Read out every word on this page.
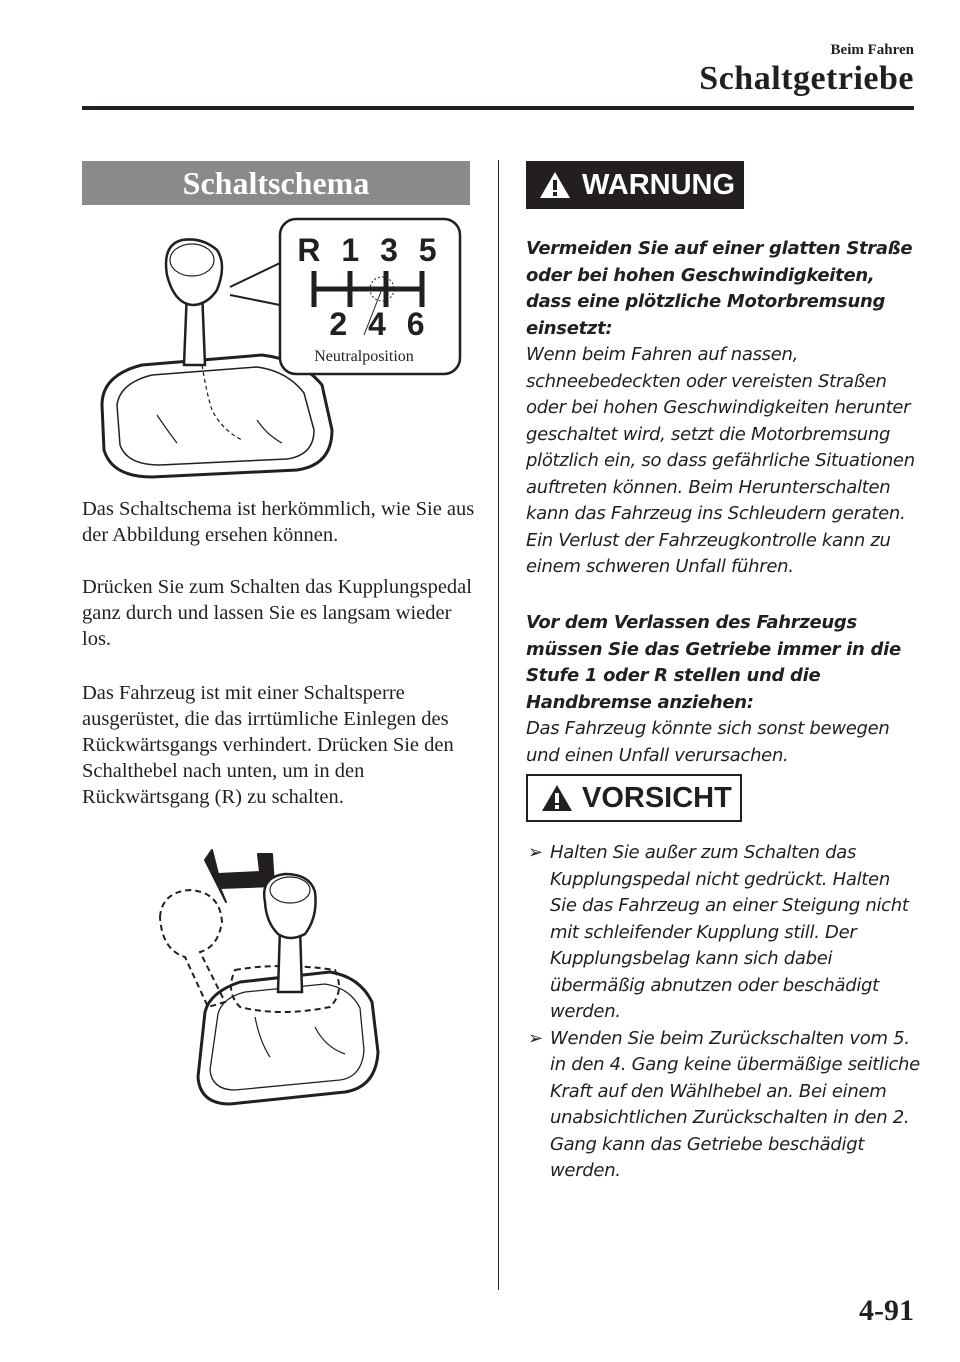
Beim Fahren
Schaltgetriebe
Schaltschema
R 1 3 5
2 4 6
Neutralposition

Das Schaltschema ist herkömmlich, wie Sie aus der Abbildung ersehen können.

Drücken Sie zum Schalten das Kupplungspedal ganz durch und lassen Sie es langsam wieder los.

Das Fahrzeug ist mit einer Schaltsperre ausgerüstet, die das irrtümliche Einlegen des Rückwärtsgangs verhindert. Drücken Sie den Schalthebel nach unten, um in den Rückwärtsgang (R) zu schalten.

WARNUNG

Vermeiden Sie auf einer glatten Straße oder bei hohen Geschwindigkeiten, dass eine plötzliche Motorbremsung einsetzt:

Wenn beim Fahren auf nassen, schneebedeckten oder vereisten Straßen oder bei hohen Geschwindigkeiten herunter geschaltet wird, setzt die Motorbremsung plötzlich ein, so dass gefährliche Situationen auftreten können. Beim Herunterschalten kann das Fahrzeug ins Schleudern geraten. Ein Verlust der Fahrzeugkontrolle kann zu einem schweren Unfall führen.

Vor dem Verlassen des Fahrzeugs müssen Sie das Getriebe immer in die Stufe 1 oder R stellen und die Handbremse anziehen:

Das Fahrzeug könnte sich sonst bewegen und einen Unfall verursachen.

VORSICHT
➢ Halten Sie außer zum Schalten das Kupplungspedal nicht gedrückt. Halten Sie das Fahrzeug an einer Steigung nicht mit schleifender Kupplung still. Der Kupplungsbelag kann sich dabei übermäßig abnutzen oder beschädigt werden.
➢ Wenden Sie beim Zurückschalten vom 5. in den 4. Gang keine übermäßige seitliche Kraft auf den Wählhebel an. Bei einem unabsichtlichen Zurückschalten in den 2. Gang kann das Getriebe beschädigt werden.
4-91
